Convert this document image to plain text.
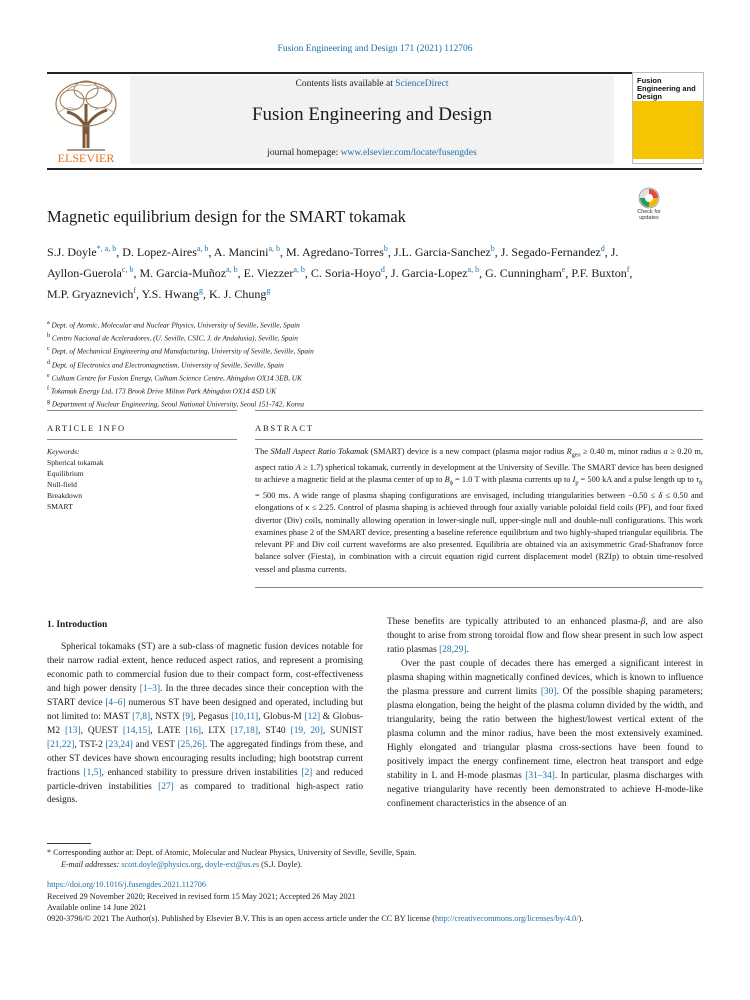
Fusion Engineering and Design 171 (2021) 112706
ELSEVIER
Contents lists available at ScienceDirect
Fusion Engineering and Design
journal homepage: www.elsevier.com/locate/fusengdes
Fusion Engineering and Design
Check for updates
Magnetic equilibrium design for the SMART tokamak
S.J. Doyle$^{*, a, b}$, D. Lopez-Aires$^{a, b}$, A. Mancini$^{a, b}$, M. Agredano-Torres$^b$, J.L. Garcia-Sanchez$^b$, J. Segado-Fernandez$^d$, J. Ayllon-Guerola$^{c, b}$, M. Garcia-Muñoz$^{a, b}$, E. Viezzer$^{a, b}$, C. Soria-Hoyo$^d$, J. Garcia-Lopez$^{a, b}$, G. Cunningham$^e$, P.F. Buxton$^f$, M.P. Gryaznevich$^f$, Y.S. Hwang$^g$, K. J. Chung$^g$
$^a$ Dept. of Atomic, Molecular and Nuclear Physics, University of Seville, Seville, Spain
$^b$ Centro Nacional de Aceleradores, (U. Seville, CSIC, J. de Andalusia), Seville, Spain
$^c$ Dept. of Mechanical Engineering and Manufacturing, University of Seville, Seville, Spain
$^d$ Dept. of Electronics and Electromagnetism, University of Seville, Seville, Spain
$^e$ Culham Centre for Fusion Energy, Culham Science Centre, Abingdon OX14 3EB, UK
$^f$ Tokamak Energy Ltd, 173 Brook Drive Milton Park Abingdon OX14 4SD UK
$^g$ Department of Nuclear Engineering, Seoul National University, Seoul 151-742, Korea
ARTICLE INFO	ABSTRACT
Keywords:
Spherical tokamak
Equilibrium
Null-field
Breakdown
SMART
The SMall Aspect Ratio Tokamak (SMART) device is a new compact (plasma major radius $R_{geo} \ge 0.40$ m, minor radius a ≥ 0.20 m, aspect ratio A ≥ 1.7) spherical tokamak, currently in development at the University of Seville. The SMART device has been designed to achieve a magnetic field at the plasma center of up to $B_\phi = 1.0$ T with plasma currents up to $I_p = 500$ kA and a pulse length up to $\tau_{fr} = 500$ ms. A wide range of plasma shaping configurations are envisaged, including triangularities between −0.50 ≤ δ ≤ 0.50 and elongations of κ ≤ 2.25. Control of plasma shaping is achieved through four axially variable poloidal field coils (PF), and four fixed divertor (Div) coils, nominally allowing operation in lower-single null, upper-single null and double-null configurations. This work examines phase 2 of the SMART device, presenting a baseline reference equilibrium and two highly-shaped triangular equilibria. The relevant PF and Div coil current waveforms are also presented. Equilibria are obtained via an axisymmetric Grad-Shafranov force balance solver (Fiesta), in combination with a circuit equation rigid current displacement model (RZIp) to obtain time-resolved vessel and plasma currents.
1. Introduction
Spherical tokamaks (ST) are a sub-class of magnetic fusion devices notable for their narrow radial extent, hence reduced aspect ratios, and represent a promising economic path to commercial fusion due to their compact form, cost-effectiveness and high power density [1–3]. In the three decades since their conception with the START device [4–6] numerous ST have been designed and operated, including but not limited to: MAST [7,8], NSTX [9], Pegasus [10,11], Globus-M [12] & Globus-M2 [13], QUEST [14,15], LATE [16], LTX [17,18], ST40 [19, 20], SUNIST [21,22], TST-2 [23,24] and VEST [25,26]. The aggregated findings from these, and other ST devices have shown encouraging results including; high bootstrap current fractions [1,5], enhanced stability to pressure driven instabilities [2] and reduced particle-driven instabilities [27] as compared to traditional high-aspect ratio designs.
These benefits are typically attributed to an enhanced plasma-β, and are also thought to arise from strong toroidal flow and flow shear present in such low aspect ratio plasmas [28,29].
Over the past couple of decades there has emerged a significant interest in plasma shaping within magnetically confined devices, which is known to influence the plasma pressure and current limits [30]. Of the possible shaping parameters; plasma elongation, being the height of the plasma column divided by the width, and triangularity, being the ratio between the highest/lowest vertical extent of the plasma column and the minor radius, have been the most extensively examined. Highly elongated and triangular plasma cross-sections have been found to positively impact the energy confinement time, electron heat transport and edge stability in L and H-mode plasmas [31–34]. In particular, plasma discharges with negative triangularity have recently been demonstrated to achieve H-mode-like confinement characteristics in the absence of an
* Corresponding author at: Dept. of Atomic, Molecular and Nuclear Physics, University of Seville, Seville, Spain.
E-mail addresses: scott.doyle@physics.org, doyle-ext@us.es (S.J. Doyle).
https://doi.org/10.1016/j.fusengdes.2021.112706
Received 29 November 2020; Received in revised form 15 May 2021; Accepted 26 May 2021
Available online 14 June 2021
0920-3796/© 2021 The Author(s). Published by Elsevier B.V. This is an open access article under the CC BY license (http://creativecommons.org/licenses/by/4.0/).
